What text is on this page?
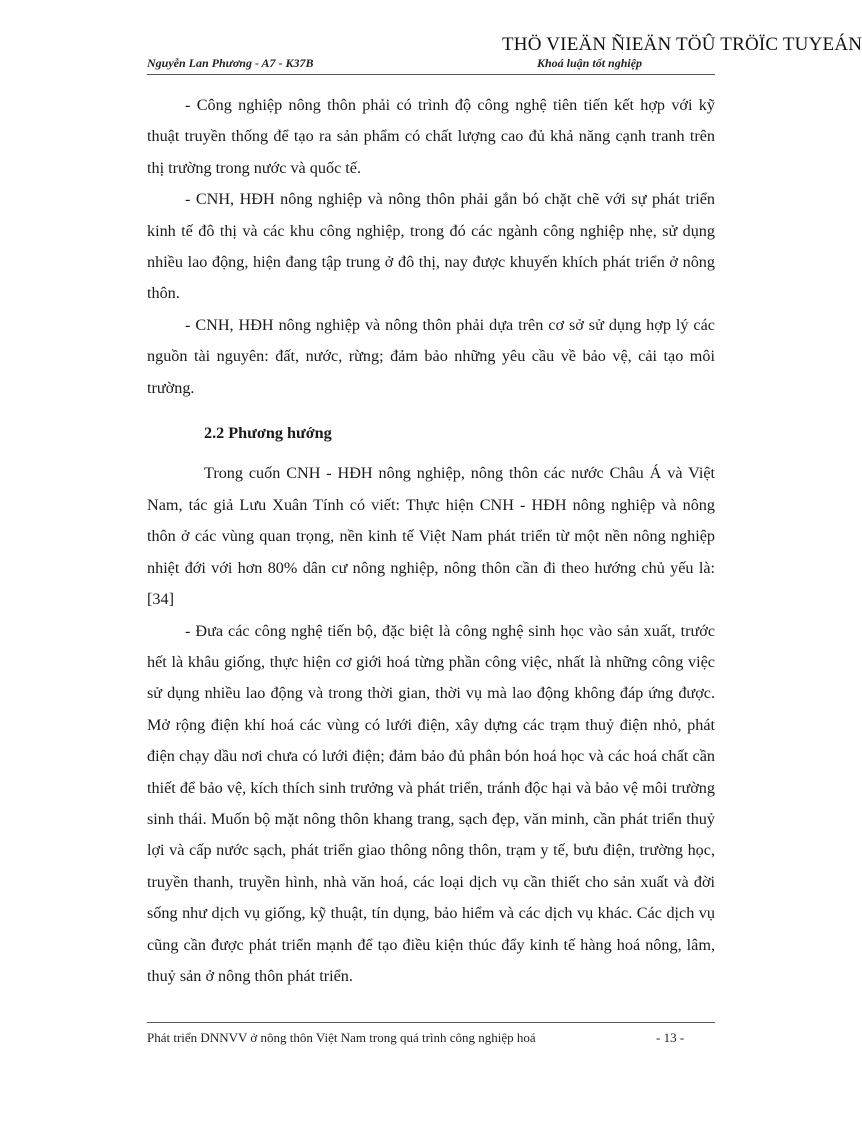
THÖ VIEÄN ÑIEÄN TÖÛ TRÖÏC TUYEÁN
Nguyễn Lan Phương - A7 - K37B	Khoá luận tốt nghiệp

- Công nghiệp nông thôn phải có trình độ công nghệ tiên tiến kết hợp với kỹ thuật truyền thống để tạo ra sản phẩm có chất lượng cao đủ khả năng cạnh tranh trên thị trường trong nước và quốc tế.

- CNH, HĐH nông nghiệp và nông thôn phải gắn bó chặt chẽ với sự phát triển kinh tế đô thị và các khu công nghiệp, trong đó các ngành công nghiệp nhẹ, sử dụng nhiều lao động, hiện đang tập trung ở đô thị, nay được khuyến khích phát triển ở nông thôn.

- CNH, HĐH nông nghiệp và nông thôn phải dựa trên cơ sở sử dụng hợp lý các nguồn tài nguyên: đất, nước, rừng; đảm bảo những yêu cầu về bảo vệ, cải tạo môi trường.

2.2 Phương hướng

Trong cuốn CNH - HĐH nông nghiệp, nông thôn các nước Châu Á và Việt Nam, tác giả Lưu Xuân Tính có viết: Thực hiện CNH - HĐH nông nghiệp và nông thôn ở các vùng quan trọng, nền kinh tế Việt Nam phát triển từ một nền nông nghiệp nhiệt đới với hơn 80% dân cư nông nghiệp, nông thôn cần đi theo hướng chủ yếu là: [34]

- Đưa các công nghệ tiến bộ, đặc biệt là công nghệ sinh học vào sản xuất, trước hết là khâu giống, thực hiện cơ giới hoá từng phần công việc, nhất là những công việc sử dụng nhiều lao động và trong thời gian, thời vụ mà lao động không đáp ứng được. Mở rộng điện khí hoá các vùng có lưới điện, xây dựng các trạm thuỷ điện nhỏ, phát điện chạy dầu nơi chưa có lưới điện; đảm bảo đủ phân bón hoá học và các hoá chất cần thiết để bảo vệ, kích thích sinh trưởng và phát triển, tránh độc hại và bảo vệ môi trường sinh thái. Muốn bộ mặt nông thôn khang trang, sạch đẹp, văn minh, cần phát triển thuỷ lợi và cấp nước sạch, phát triển giao thông nông thôn, trạm y tế, bưu điện, trường học, truyền thanh, truyền hình, nhà văn hoá, các loại dịch vụ cần thiết cho sản xuất và đời sống như dịch vụ giống, kỹ thuật, tín dụng, bảo hiểm và các dịch vụ khác. Các dịch vụ cũng cần được phát triển mạnh để tạo điều kiện thúc đẩy kinh tế hàng hoá nông, lâm, thuỷ sản ở nông thôn phát triển.

Phát triển DNNVV ở nông thôn Việt Nam trong quá trình công nghiệp hoá	- 13 -
